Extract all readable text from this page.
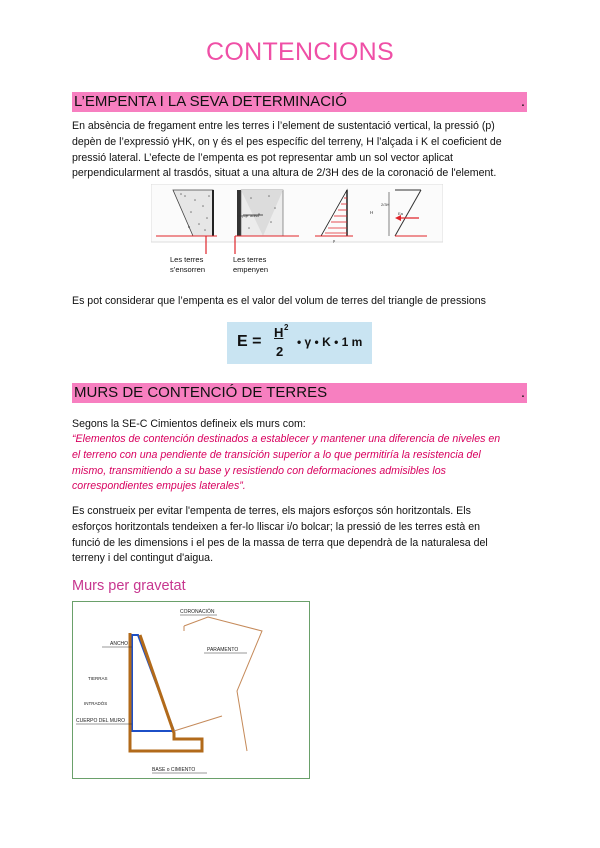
CONTENCIONS
L’EMPENTA I LA SEVA DETERMINACIÓ	.
En absència de fregament entre les terres i l’element de sustentació vertical, la pressió (p)
depèn de l’expressió γHK, on γ és el pes específic del terreny, H l’alçada i K el coeficient de
pressió lateral. L’efecte de l’empenta es pot representar amb un sol vector aplicat
perpendicularment al trasdós, situat a una altura de 2/3H des de la coronació de l'element.
c
empuje activo
p
H
2/3H
Ea
Les terres
s’ensorren
Les terres
empenyen
Es pot considerar que l’empenta es el valor del volum de terres del triangle de pressions
E =
H 2
2
• γ • K • 1 m
MURS DE CONTENCIÓ DE TERRES	.
Segons la SE-C Cimientos defineix els murs com:
“Elementos de contención destinados a establecer y mantener una diferencia de niveles en
el terreno con una pendiente de transición superior a lo que permitiría la resistencia del
mismo, transmitiendo a su base y resistiendo con deformaciones admisibles los
correspondientes empujes laterales”.
Es construeix per evitar l'empenta de terres, els majors esforços són horitzontals. Els
esforços horitzontals tendeixen a fer-lo lliscar i/o bolcar; la pressió de les terres està en
funció de les dimensions i el pes de la massa de terra que dependrà de la naturalesa del
terreny i del contingut d'aigua.
Murs per gravetat
CORONACIÓN
ANCHO
PARAMENTO
TIERRAS
INTRADÓS
CUERPO DEL MURO
BASE o CIMIENTO
